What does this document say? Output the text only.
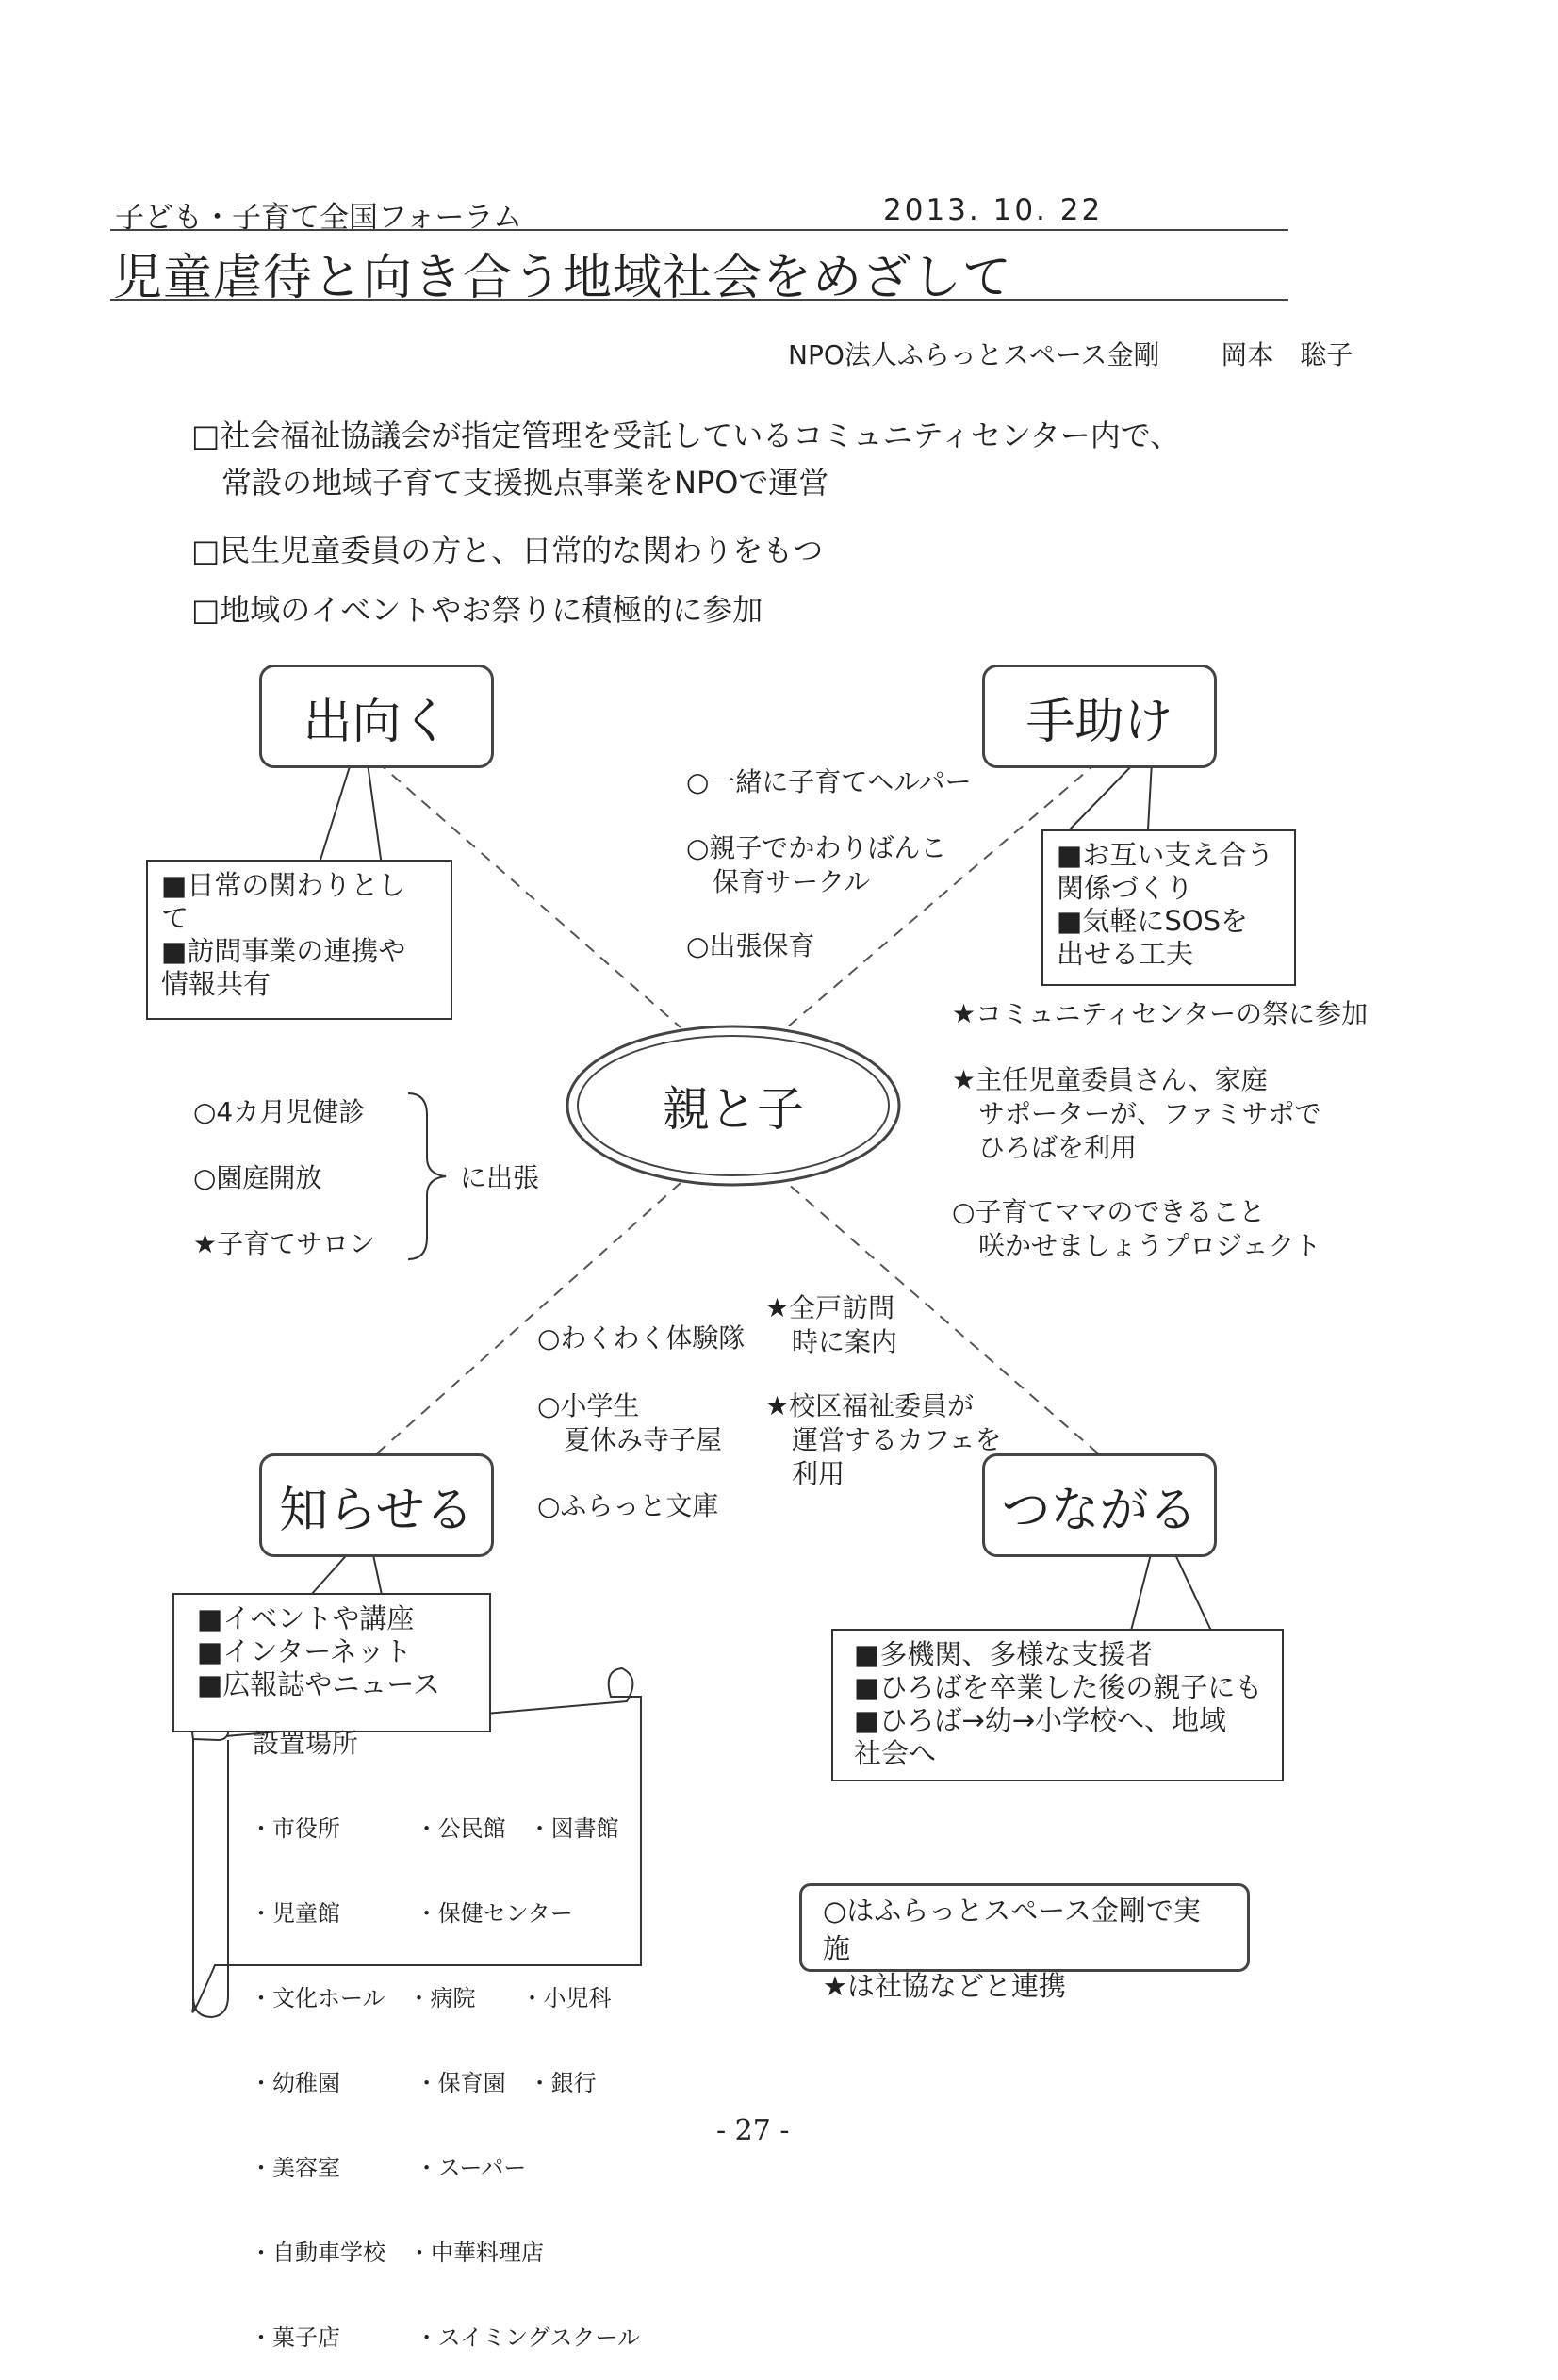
子ども・子育て全国フォーラム	2013. 10. 22
児童虐待と向き合う地域社会をめざして
NPO法人ふらっとスペース金剛　　 岡本　聡子
□社会福祉協議会が指定管理を受託しているコミュニティセンター内で、
　常設の地域子育て支援拠点事業をNPOで運営
□民生児童委員の方と、日常的な関わりをもつ
□地域のイベントやお祭りに積極的に参加
出向く	手助け
知らせる	つながる
親と子
■日常の関わりとし
て
■訪問事業の連携や
情報共有
■お互い支え合う
関係づくり
■気軽にSOSを
出せる工夫
■イベントや講座
■インターネット
■広報誌やニュース
■多機関、多様な支援者
■ひろばを卒業した後の親子にも
■ひろば→幼→小学校へ、地域
社会へ
○一緒に子育てヘルパー
○親子でかわりばんこ
　保育サークル
○出張保育
★コミュニティセンターの祭に参加
★主任児童委員さん、家庭
　サポーターが、ファミサポで
　ひろばを利用
○子育てママのできること
　咲かせましょうプロジェクト
○4カ月児健診
○園庭開放
★子育てサロン
に出張
○わくわく体験隊
○小学生
　夏休み寺子屋
○ふらっと文庫
★全戸訪問
　時に案内
★校区福祉委員が
　運営するカフェを
　利用
設置場所

・市役所　　　 ・公民館　・図書館

・児童館　　　 ・保健センター

・文化ホール　・病院　　・小児科

・幼稚園　　　 ・保育園　・銀行

・美容室　　　 ・スーパー

・自動車学校　・中華料理店

・菓子店　　　 ・スイミングスクール

○はふらっとスペース金剛で実施
★は社協などと連携
- 27 -
